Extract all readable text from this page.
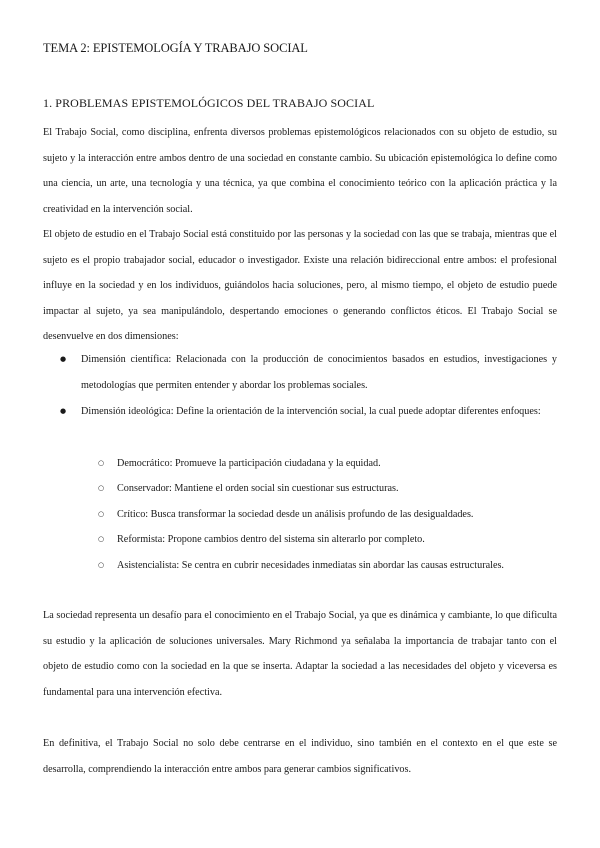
TEMA 2: EPISTEMOLOGÍA Y TRABAJO SOCIAL
1. PROBLEMAS EPISTEMOLÓGICOS DEL TRABAJO SOCIAL

El Trabajo Social, como disciplina, enfrenta diversos problemas epistemológicos relacionados con su objeto de estudio, su sujeto y la interacción entre ambos dentro de una sociedad en constante cambio. Su ubicación epistemológica lo define como una ciencia, un arte, una tecnología y una técnica, ya que combina el conocimiento teórico con la aplicación práctica y la creatividad en la intervención social.

El objeto de estudio en el Trabajo Social está constituido por las personas y la sociedad con las que se trabaja, mientras que el sujeto es el propio trabajador social, educador o investigador. Existe una relación bidireccional entre ambos: el profesional influye en la sociedad y en los individuos, guiándolos hacia soluciones, pero, al mismo tiempo, el objeto de estudio puede impactar al sujeto, ya sea manipulándolo, despertando emociones o generando conflictos éticos. El Trabajo Social se desenvuelve en dos dimensiones:

● Dimensión científica: Relacionada con la producción de conocimientos basados en estudios, investigaciones y metodologías que permiten entender y abordar los problemas sociales.

● Dimensión ideológica: Define la orientación de la intervención social, la cual puede adoptar diferentes enfoques:

○ Democrático: Promueve la participación ciudadana y la equidad.

○ Conservador: Mantiene el orden social sin cuestionar sus estructuras.

○ Crítico: Busca transformar la sociedad desde un análisis profundo de las desigualdades.

○ Reformista: Propone cambios dentro del sistema sin alterarlo por completo.

○ Asistencialista: Se centra en cubrir necesidades inmediatas sin abordar las causas estructurales.

La sociedad representa un desafío para el conocimiento en el Trabajo Social, ya que es dinámica y cambiante, lo que dificulta su estudio y la aplicación de soluciones universales. Mary Richmond ya señalaba la importancia de trabajar tanto con el objeto de estudio como con la sociedad en la que se inserta. Adaptar la sociedad a las necesidades del objeto y viceversa es fundamental para una intervención efectiva.

En definitiva, el Trabajo Social no solo debe centrarse en el individuo, sino también en el contexto en el que este se desarrolla, comprendiendo la interacción entre ambos para generar cambios significativos.
